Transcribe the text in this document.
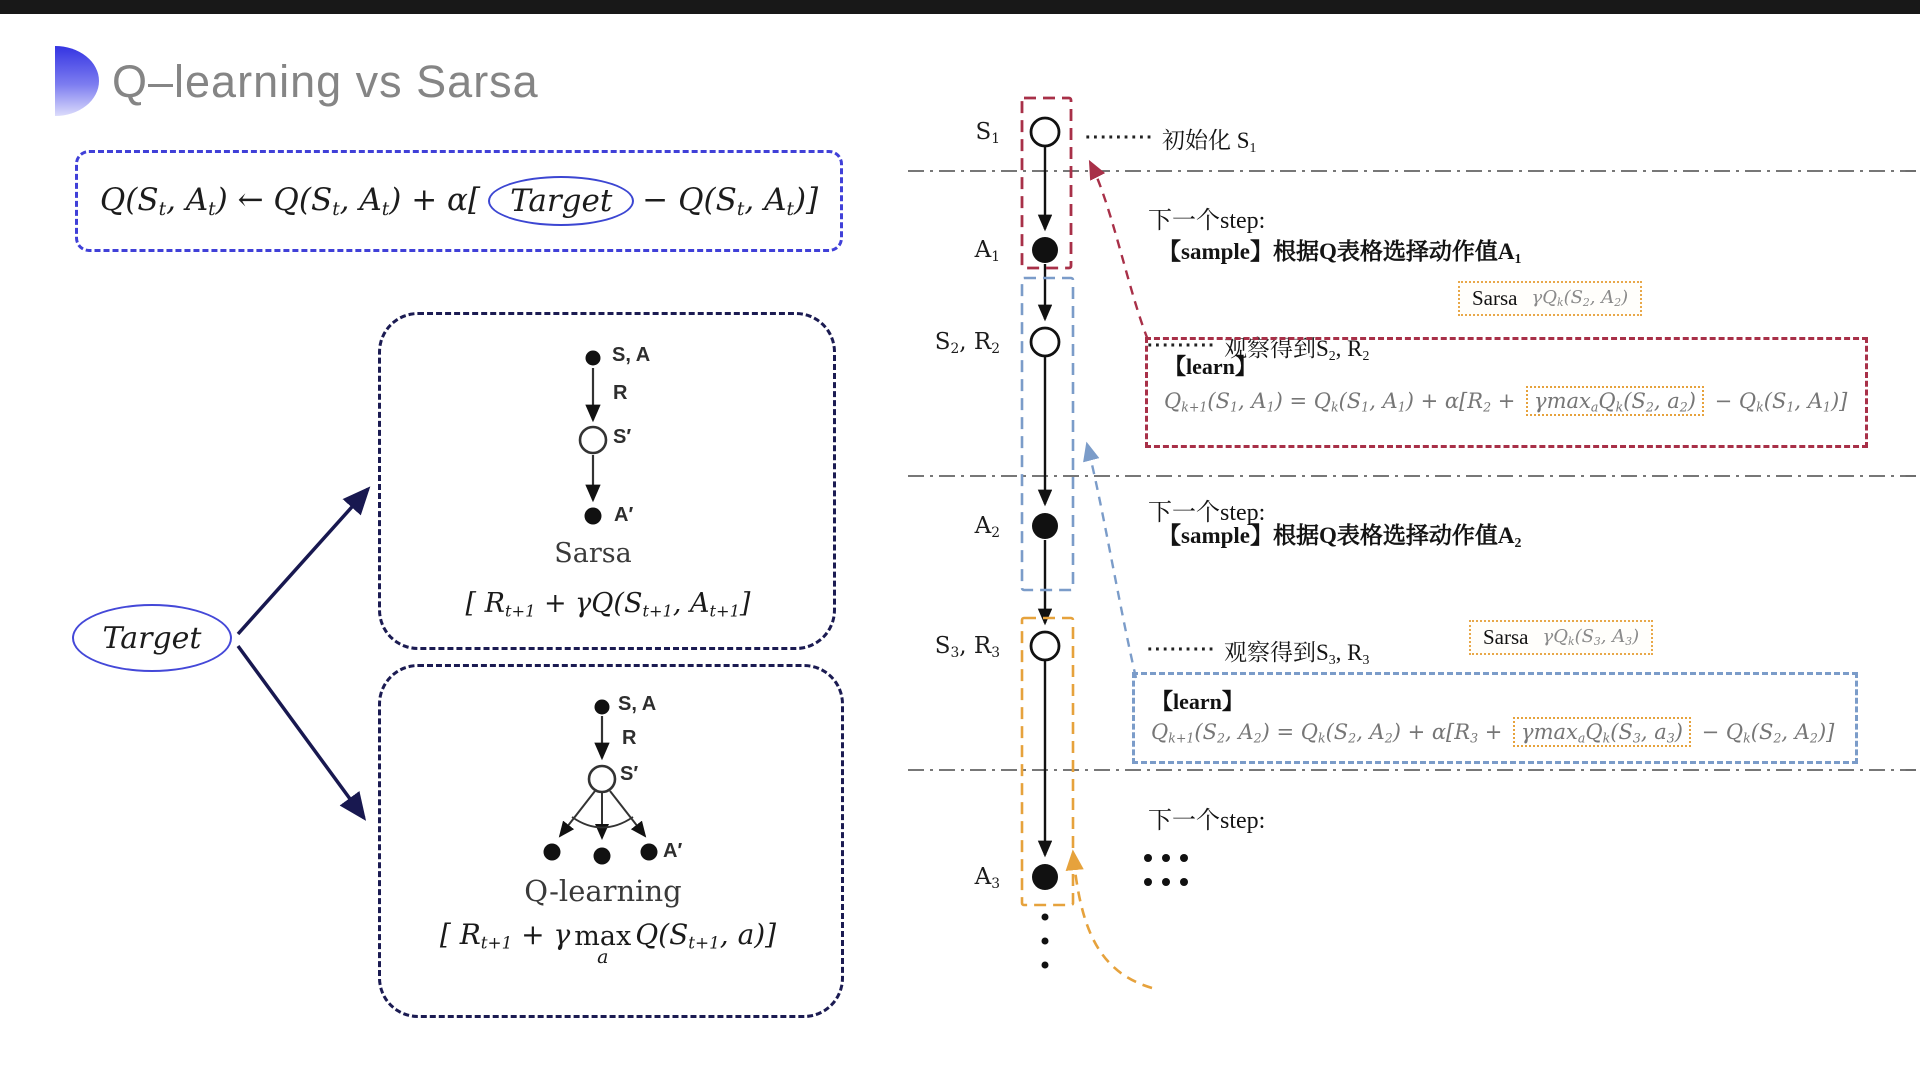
Q–learning vs Sarsa
$Q(S_t$, $A_t$) ← $Q(S_t$, $A_t) + \alpha$[ Target − $Q(S_t$, $A_t$)]
Target
S, A
R
S′
A′
Sarsa
[ $R_{t+1} + \gamma Q(S_{t+1}$, $A_{t+1}$]
S, A
R
S′
A′
Q-learning
[ $R_{t+1} + \gamma$ max
a
$Q(S_{t+1}$, a)]
$S_1$
$A_1$
$S_2$, $R_2$
$A_2$
$S_3$, $R_3$
$A_3$
········· 初始化 $S_1$
下一个step:
【sample】根据Q表格选择动作值$A_1$
········· 观察得到$S_2$, $R_2$
Sarsa $\gamma Q_k(S_2$, $A_2$)
【learn】
$Q_{k+1}(S_1$, $A_1) = Q_k(S_1$, $A_1) + \alpha[R_2 + \gamma\max_aQ_k(S_2$, $a_2) - Q_k(S_1$, $A_1$)]
下一个step:
【sample】根据Q表格选择动作值$A_2$
········· 观察得到$S_3$, $R_3$
Sarsa $\gamma Q_k(S_3$, $A_3$)
【learn】
$Q_{k+1}(S_2$, $A_2) = Q_k(S_2$, $A_2) + \alpha[R_3 + \gamma\max_aQ_k(S_3$, $a_3) - Q_k(S_2$, $A_2$)]
下一个step:
